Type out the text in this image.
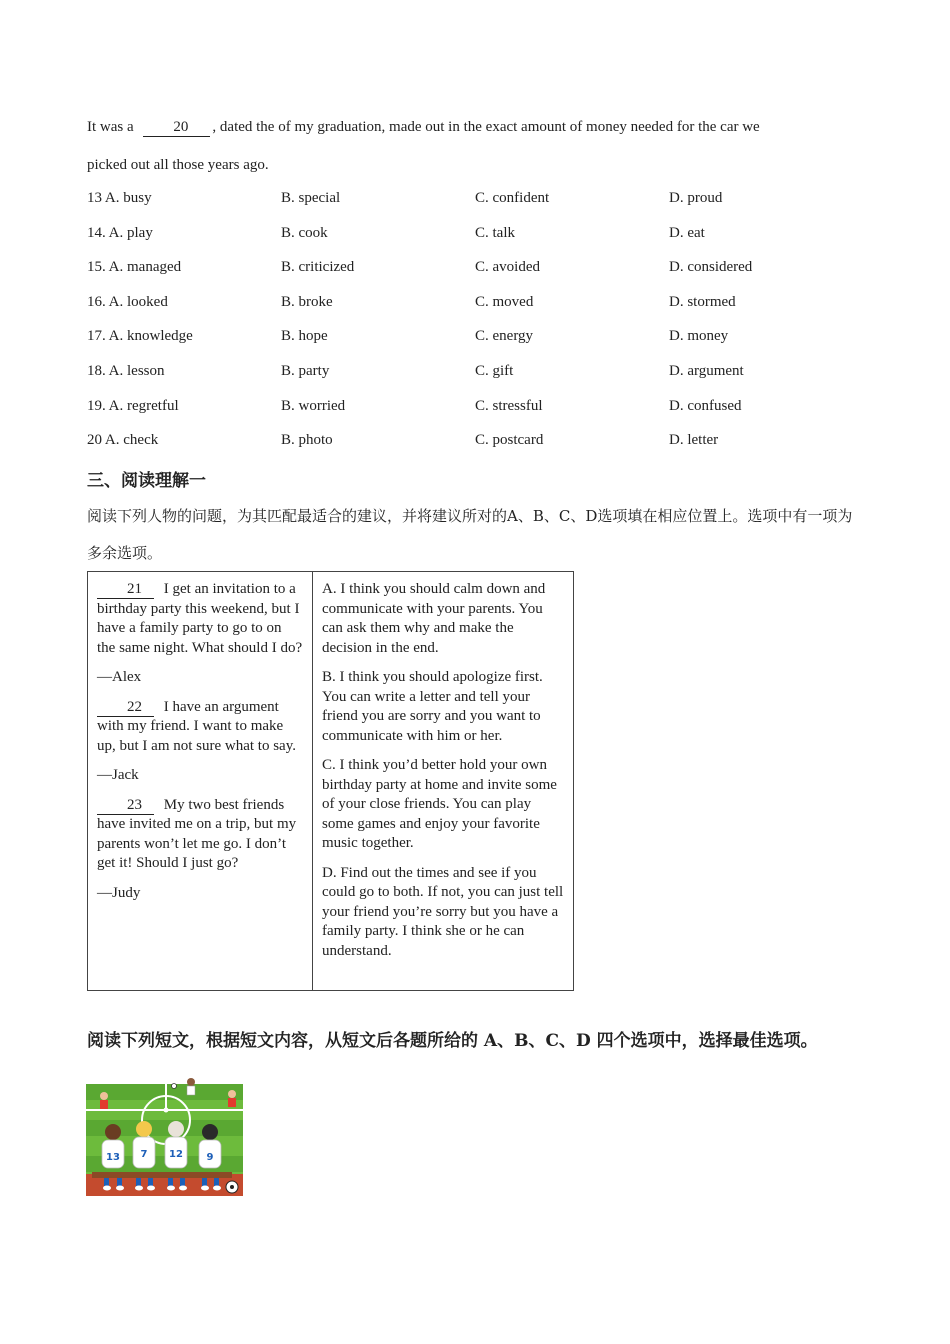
It was a	20 , dated the of my graduation, made out in the exact amount of money needed for the car we

picked out all those years ago.

13 A. busy	B. special	C. confident	D. proud
14. A. play	B. cook	C. talk	D. eat
15. A. managed	B. criticized	C. avoided	D. considered
16. A. looked	B. broke	C. moved	D. stormed
17. A. knowledge	B. hope	C. energy	D. money
18. A. lesson	B. party	C. gift	D. argument
19. A. regretful	B. worried	C. stressful	D. confused
20 A. check	B. photo	C. postcard	D. letter
三、阅读理解一
阅读下列人物的问题，为其匹配最适合的建议，并将建议所对的A、B、C、D选项填在相应位置上。选项中有一项为多余选项。

21 I get an invitation to a birthday party this weekend, but I have a family party to go to on the same night. What should I do?

—Alex

22 I have an argument with my friend. I want to make up, but I am not sure what to say.

—Jack

23 My two best friends have invited me on a trip, but my parents won’t let me go. I don’t get it! Should I just go?

—Judy

A. I think you should calm down and communicate with your parents. You can ask them why and make the decision in the end.

B. I think you should apologize first. You can write a letter and tell your friend you are sorry and you want to communicate with him or her.

C. I think you’d better hold your own birthday party at home and invite some of your close friends. You can play some games and enjoy your favorite music together.

D. Find out the times and see if you could go to both. If not, you can just tell your friend you’re sorry but you have a family party. I think she or he can understand.

阅读下列短文，根据短文内容，从短文后各题所给的 A、B、C、D 四个选项中，选择最佳选项。
13 7 12 9
